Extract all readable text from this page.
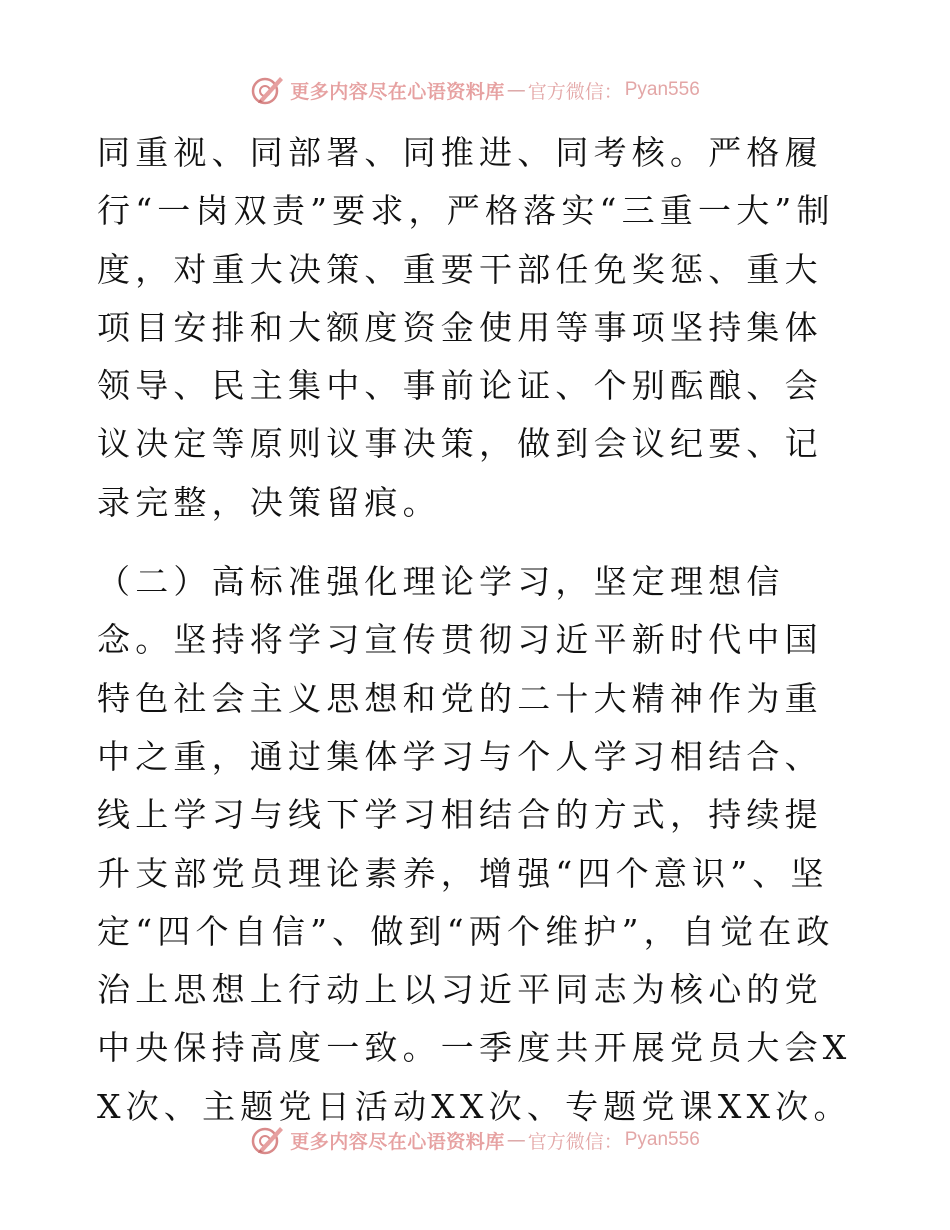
更多内容尽在心语资料库 — 官方微信： Pyan556

同重视、同部署、同推进、同考核。严格履行“一岗双责”要求，严格落实“三重一大”制度，对重大决策、重要干部任免奖惩、重大项目安排和大额度资金使用等事项坚持集体领导、民主集中、事前论证、个别酝酿、会议决定等原则议事决策，做到会议纪要、记录完整，决策留痕。

（二）高标准强化理论学习，坚定理想信念。坚持将学习宣传贯彻习近平新时代中国特色社会主义思想和党的二十大精神作为重中之重，通过集体学习与个人学习相结合、线上学习与线下学习相结合的方式，持续提升支部党员理论素养，增强“四个意识”、坚定“四个自信”、做到“两个维护”，自觉在政治上思想上行动上以习近平同志为核心的党中央保持高度一致。一季度共开展党员大会XX次、主题党日活动XX次、专题党课XX次。

更多内容尽在心语资料库 — 官方微信： Pyan556
